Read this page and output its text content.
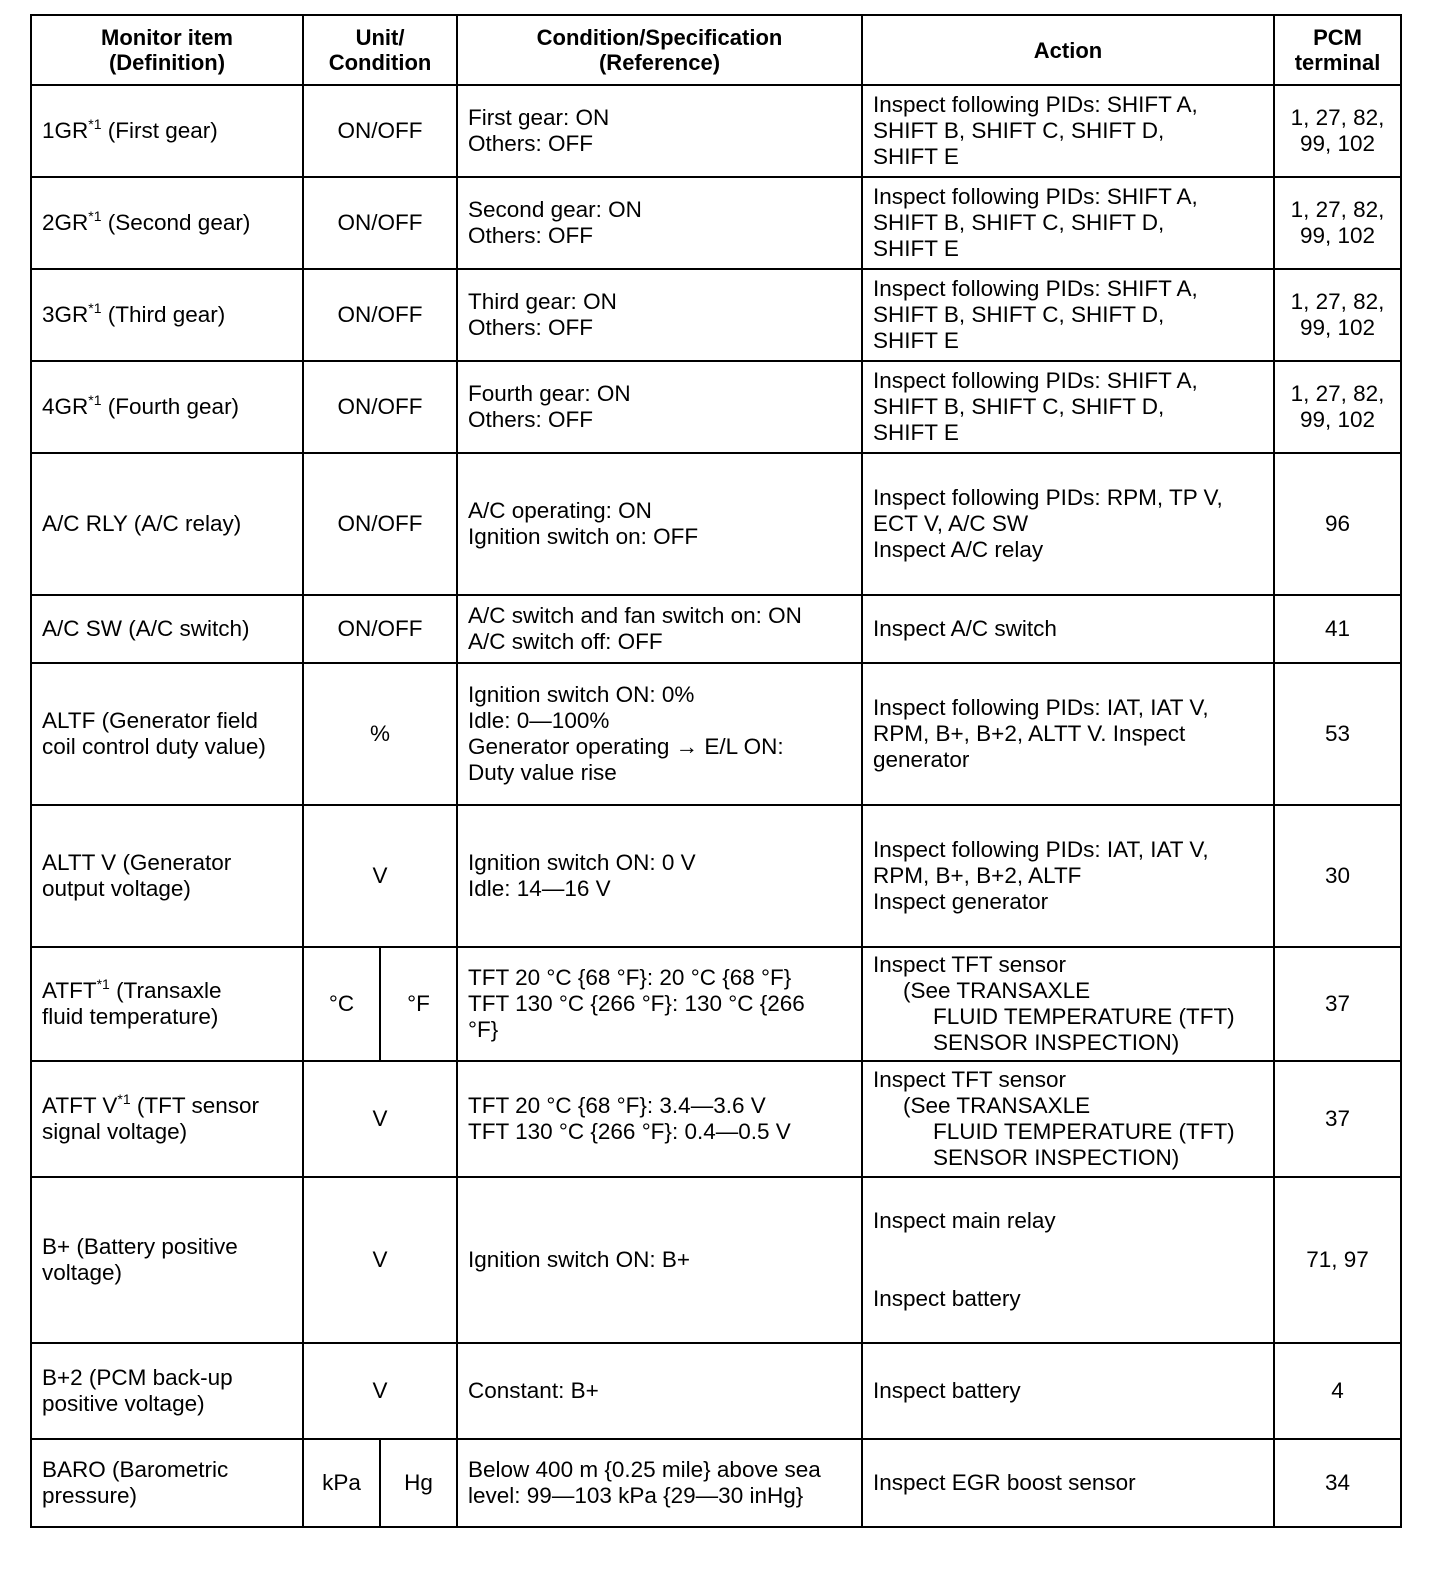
Monitor item
(Definition)	Unit/
Condition		Condition/Specification
(Reference)	Action	PCM
terminal

1GR$^{*1}$ (First gear)	ON/OFF		First gear: ON
Others: OFF	Inspect following PIDs: SHIFT A,
SHIFT B, SHIFT C, SHIFT D,
SHIFT E	1, 27, 82,
99, 102

2GR$^{*1}$ (Second gear)	ON/OFF		Second gear: ON
Others: OFF	Inspect following PIDs: SHIFT A,
SHIFT B, SHIFT C, SHIFT D,
SHIFT E	1, 27, 82,
99, 102

3GR$^{*1}$ (Third gear)	ON/OFF		Third gear: ON
Others: OFF	Inspect following PIDs: SHIFT A,
SHIFT B, SHIFT C, SHIFT D,
SHIFT E	1, 27, 82,
99, 102

4GR$^{*1}$ (Fourth gear)	ON/OFF		Fourth gear: ON
Others: OFF	Inspect following PIDs: SHIFT A,
SHIFT B, SHIFT C, SHIFT D,
SHIFT E	1, 27, 82,
99, 102

A/C RLY (A/C relay)	ON/OFF		A/C operating: ON
Ignition switch on: OFF	Inspect following PIDs: RPM, TP V,
ECT V, A/C SW
Inspect A/C relay	96
A/C SW (A/C switch)	ON/OFF		A/C switch and fan switch on: ON
A/C switch off: OFF	Inspect A/C switch	41

ALTF (Generator field
coil control duty value)	%		Ignition switch ON: 0%
Idle: 0—100%
Generator operating → E/L ON:
Duty value rise	Inspect following PIDs: IAT, IAT V,
RPM, B+, B+2, ALTT V. Inspect
generator	53

ALTT V (Generator
output voltage)	V		Ignition switch ON: 0 V
Idle: 14—16 V	Inspect following PIDs: IAT, IAT V,
RPM, B+, B+2, ALTF
Inspect generator	30

ATFT$^{*1}$ (Transaxle
fluid temperature)	°C	°F	TFT 20 °C {68 °F}: 20 °C {68 °F}
TFT 130 °C {266 °F}: 130 °C {266
°F}	Inspect TFT sensor
(See TRANSAXLE
FLUID TEMPERATURE (TFT)
SENSOR INSPECTION)	37

ATFT $V^{*1}$ (TFT sensor
signal voltage)	V		TFT 20 °C {68 °F}: 3.4—3.6 V
TFT 130 °C {266 °F}: 0.4—0.5 V	Inspect TFT sensor
(See TRANSAXLE
FLUID TEMPERATURE (TFT)
SENSOR INSPECTION)	37

B+ (Battery positive
voltage)	V		Ignition switch ON: B+	Inspect main relay
Inspect battery	71, 97

B+2 (PCM back-up
positive voltage)	V		Constant: B+	Inspect battery	4

BARO (Barometric
pressure)	kPa	Hg	Below 400 m {0.25 mile} above sea
level: 99—103 kPa {29—30 inHg}	Inspect EGR boost sensor	34
